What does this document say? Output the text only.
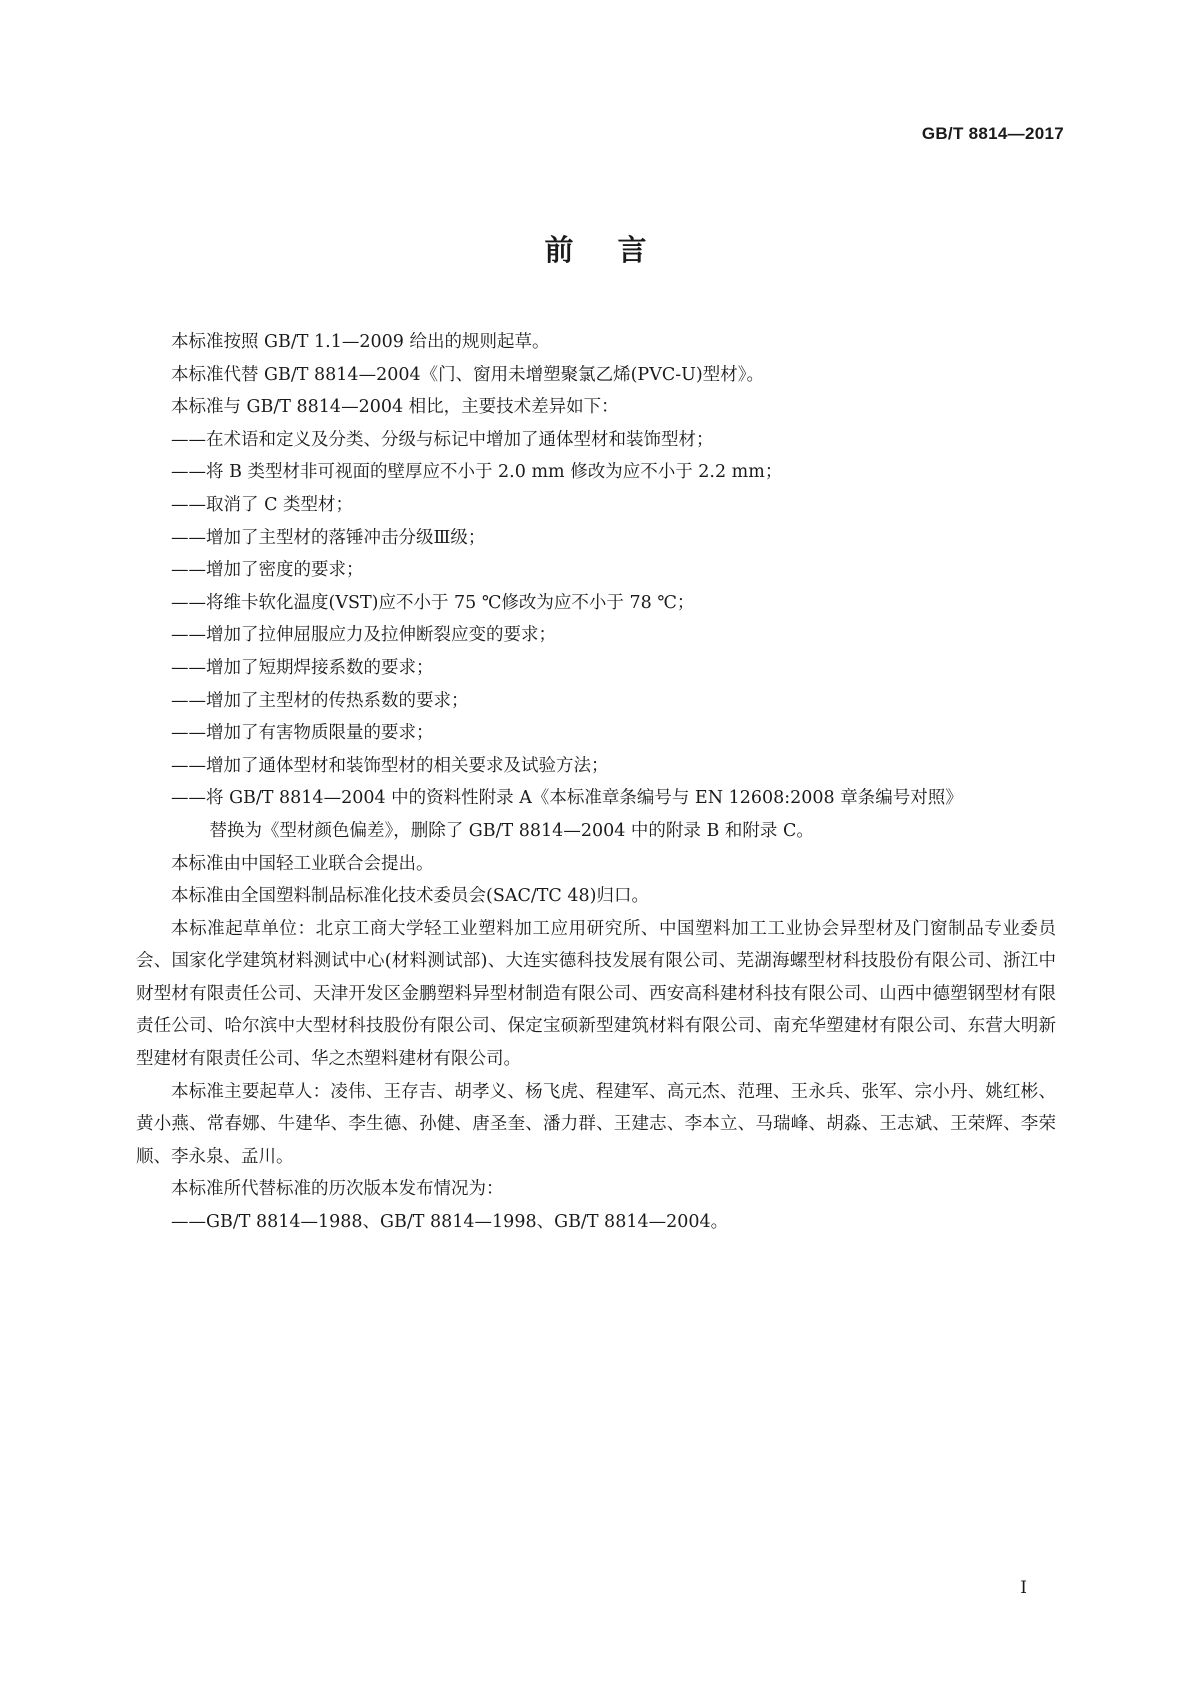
GB/T 8814—2017
前言

本标准按照 GB/T 1.1—2009 给出的规则起草。

本标准代替 GB/T 8814—2004《门、窗用未增塑聚氯乙烯(PVC-U)型材》。

本标准与 GB/T 8814—2004 相比，主要技术差异如下：

——在术语和定义及分类、分级与标记中增加了通体型材和装饰型材；

——将 B 类型材非可视面的壁厚应不小于 2.0 mm 修改为应不小于 2.2 mm；

——取消了 C 类型材；

——增加了主型材的落锤冲击分级Ⅲ级；

——增加了密度的要求；

——将维卡软化温度(VST)应不小于 75 ℃修改为应不小于 78 ℃；

——增加了拉伸屈服应力及拉伸断裂应变的要求；

——增加了短期焊接系数的要求；

——增加了主型材的传热系数的要求；

——增加了有害物质限量的要求；

——增加了通体型材和装饰型材的相关要求及试验方法；

——将 GB/T 8814—2004 中的资料性附录 A《本标准章条编号与 EN 12608:2008 章条编号对照》
替换为《型材颜色偏差》，删除了 GB/T 8814—2004 中的附录 B 和附录 C。

本标准由中国轻工业联合会提出。

本标准由全国塑料制品标准化技术委员会(SAC/TC 48)归口。

本标准起草单位：北京工商大学轻工业塑料加工应用研究所、中国塑料加工工业协会异型材及门窗制品专业委员会、国家化学建筑材料测试中心(材料测试部)、大连实德科技发展有限公司、芜湖海螺型材科技股份有限公司、浙江中财型材有限责任公司、天津开发区金鹏塑料异型材制造有限公司、西安高科建材科技有限公司、山西中德塑钢型材有限责任公司、哈尔滨中大型材科技股份有限公司、保定宝硕新型建筑材料有限公司、南充华塑建材有限公司、东营大明新型建材有限责任公司、华之杰塑料建材有限公司。

本标准主要起草人：凌伟、王存吉、胡孝义、杨飞虎、程建军、高元杰、范理、王永兵、张军、宗小丹、姚红彬、黄小燕、常春娜、牛建华、李生德、孙健、唐圣奎、潘力群、王建志、李本立、马瑞峰、胡淼、王志斌、王荣辉、李荣顺、李永泉、孟川。

本标准所代替标准的历次版本发布情况为：

——GB/T 8814—1988、GB/T 8814—1998、GB/T 8814—2004。

I
